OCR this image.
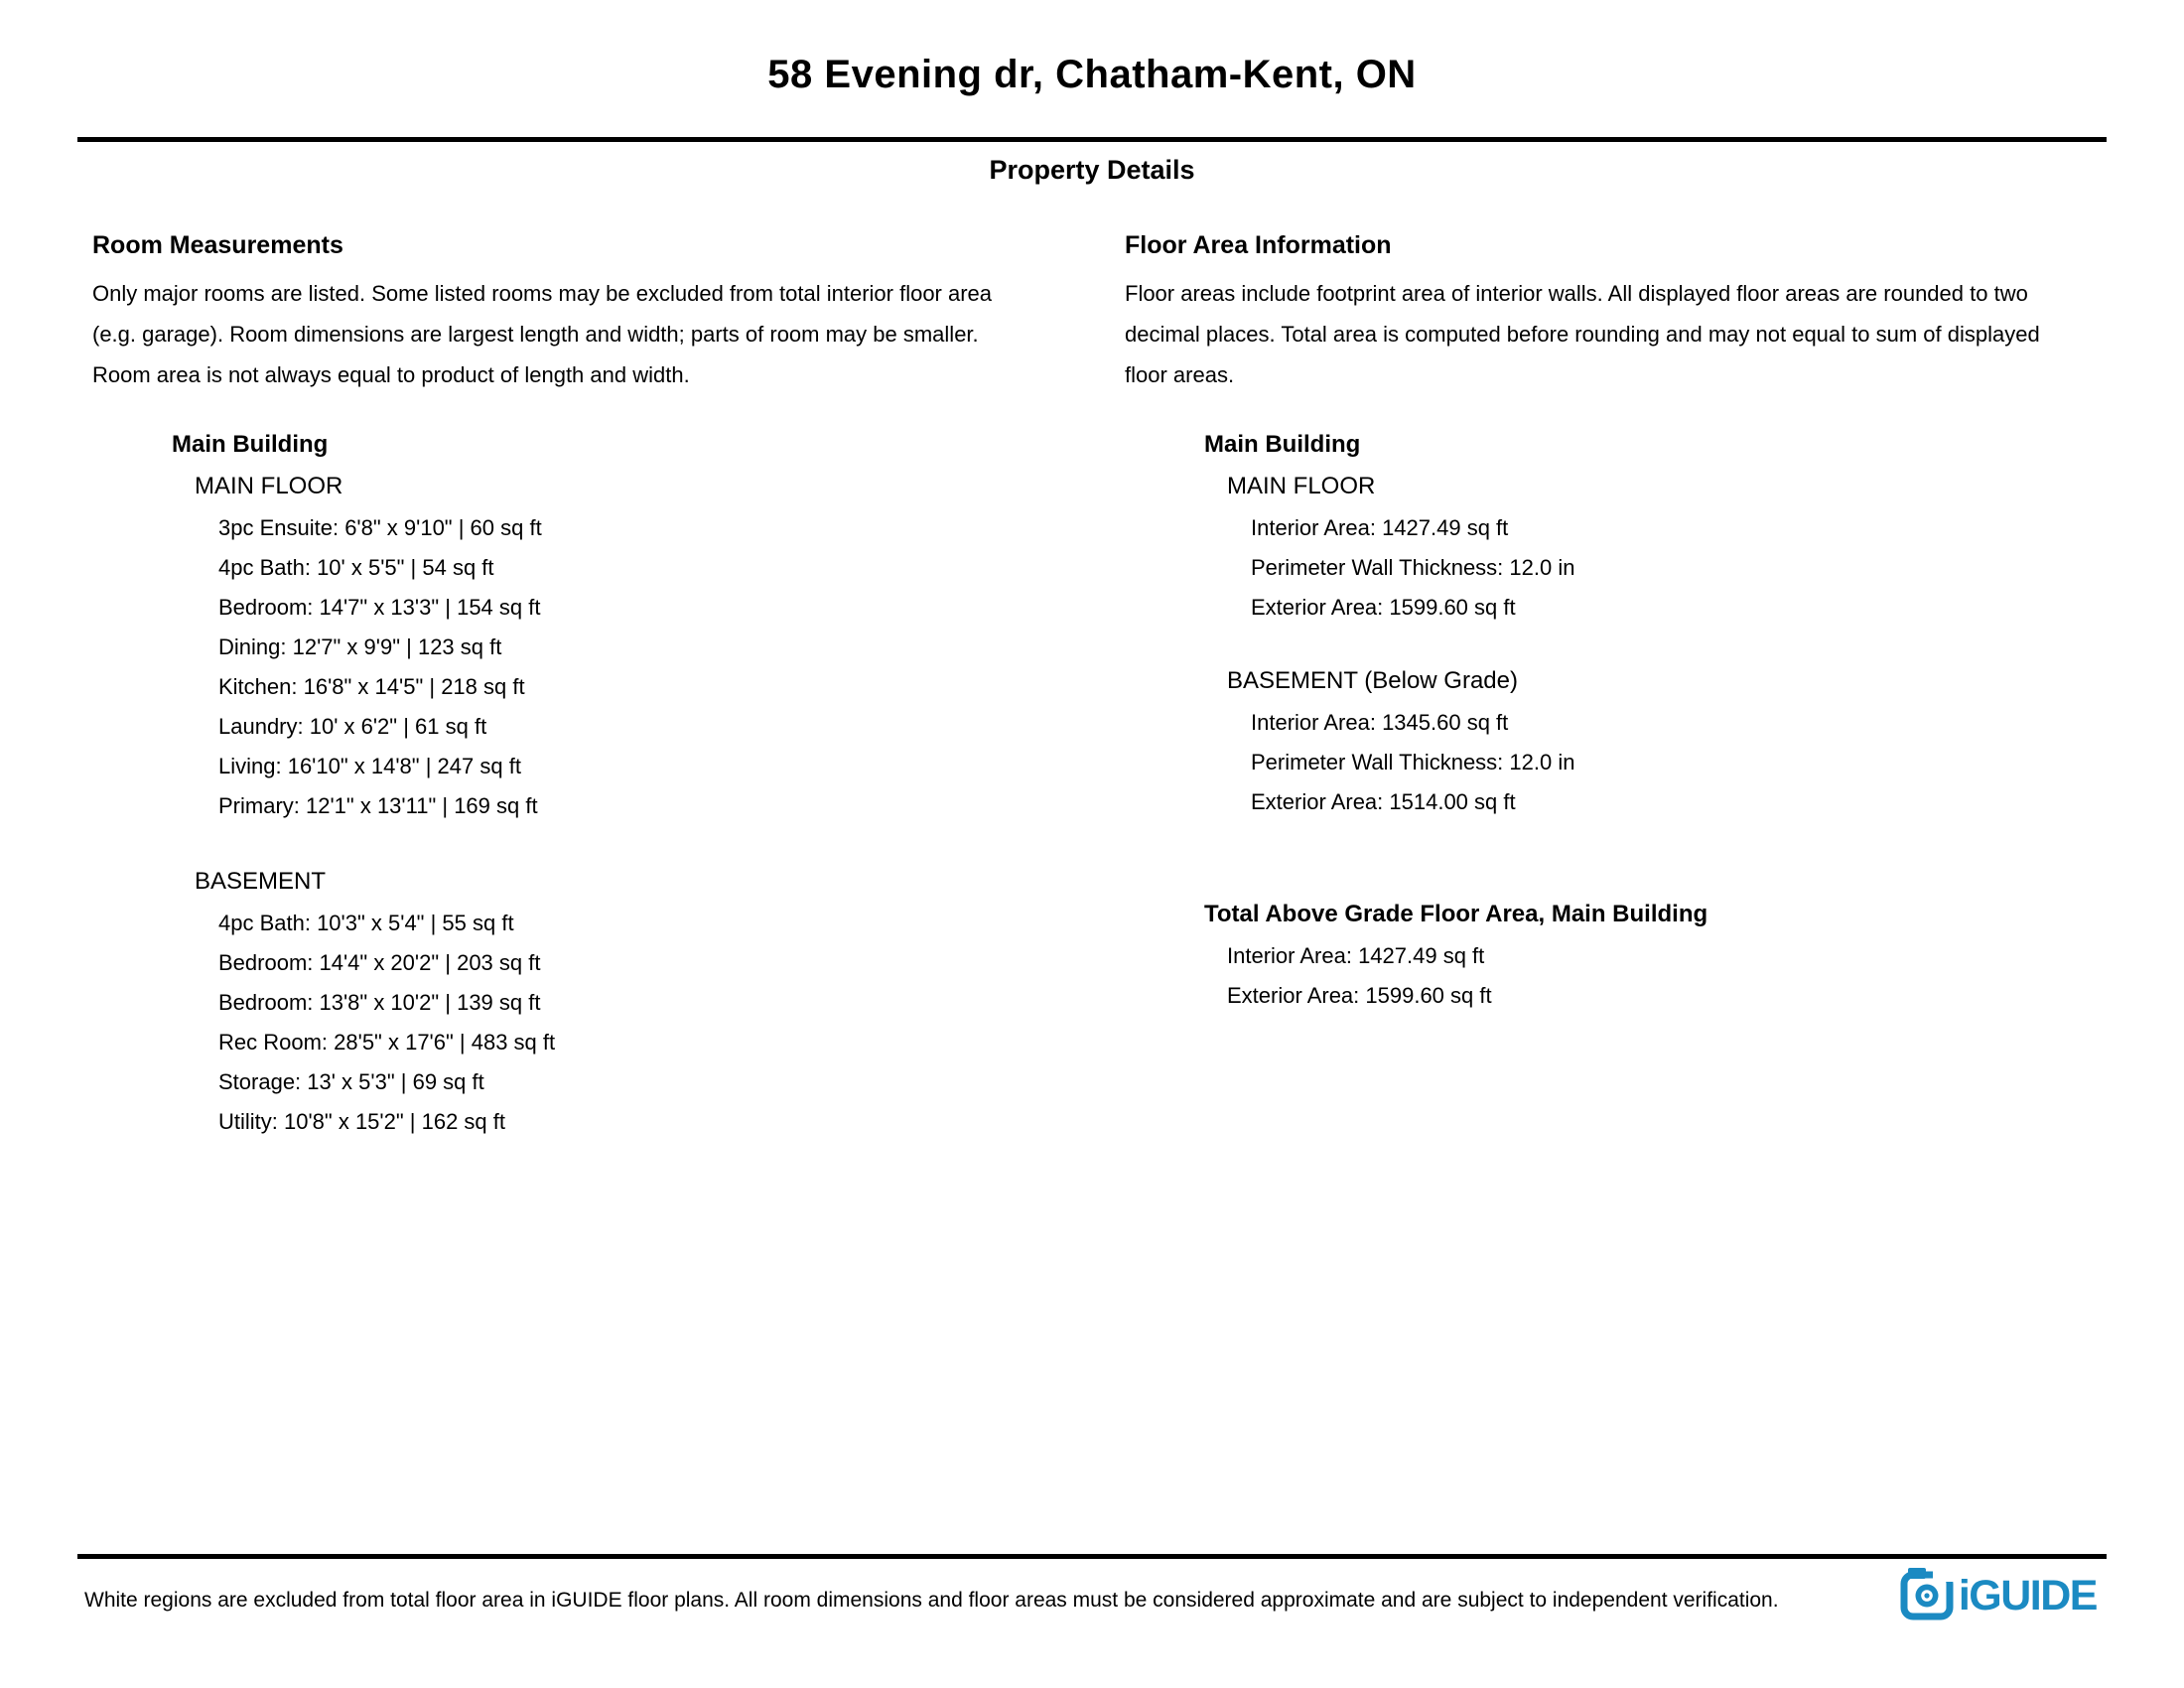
58 Evening dr, Chatham-Kent, ON
Property Details
Room Measurements
Only major rooms are listed. Some listed rooms may be excluded from total interior floor area
(e.g. garage). Room dimensions are largest length and width; parts of room may be smaller.
Room area is not always equal to product of length and width.
Main Building
MAIN FLOOR
3pc Ensuite: 6'8" x 9'10" | 60 sq ft
4pc Bath: 10' x 5'5" | 54 sq ft
Bedroom: 14'7" x 13'3" | 154 sq ft
Dining: 12'7" x 9'9" | 123 sq ft
Kitchen: 16'8" x 14'5" | 218 sq ft
Laundry: 10' x 6'2" | 61 sq ft
Living: 16'10" x 14'8" | 247 sq ft
Primary: 12'1" x 13'11" | 169 sq ft
BASEMENT
4pc Bath: 10'3" x 5'4" | 55 sq ft
Bedroom: 14'4" x 20'2" | 203 sq ft
Bedroom: 13'8" x 10'2" | 139 sq ft
Rec Room: 28'5" x 17'6" | 483 sq ft
Storage: 13' x 5'3" | 69 sq ft
Utility: 10'8" x 15'2" | 162 sq ft
Floor Area Information
Floor areas include footprint area of interior walls. All displayed floor areas are rounded to two
decimal places. Total area is computed before rounding and may not equal to sum of displayed
floor areas.
Main Building
MAIN FLOOR
Interior Area: 1427.49 sq ft
Perimeter Wall Thickness: 12.0 in
Exterior Area: 1599.60 sq ft
BASEMENT (Below Grade)
Interior Area: 1345.60 sq ft
Perimeter Wall Thickness: 12.0 in
Exterior Area: 1514.00 sq ft
Total Above Grade Floor Area, Main Building
Interior Area: 1427.49 sq ft
Exterior Area: 1599.60 sq ft
White regions are excluded from total floor area in iGUIDE floor plans. All room dimensions and floor areas must be considered approximate and are subject to independent verification.	iGUIDE
